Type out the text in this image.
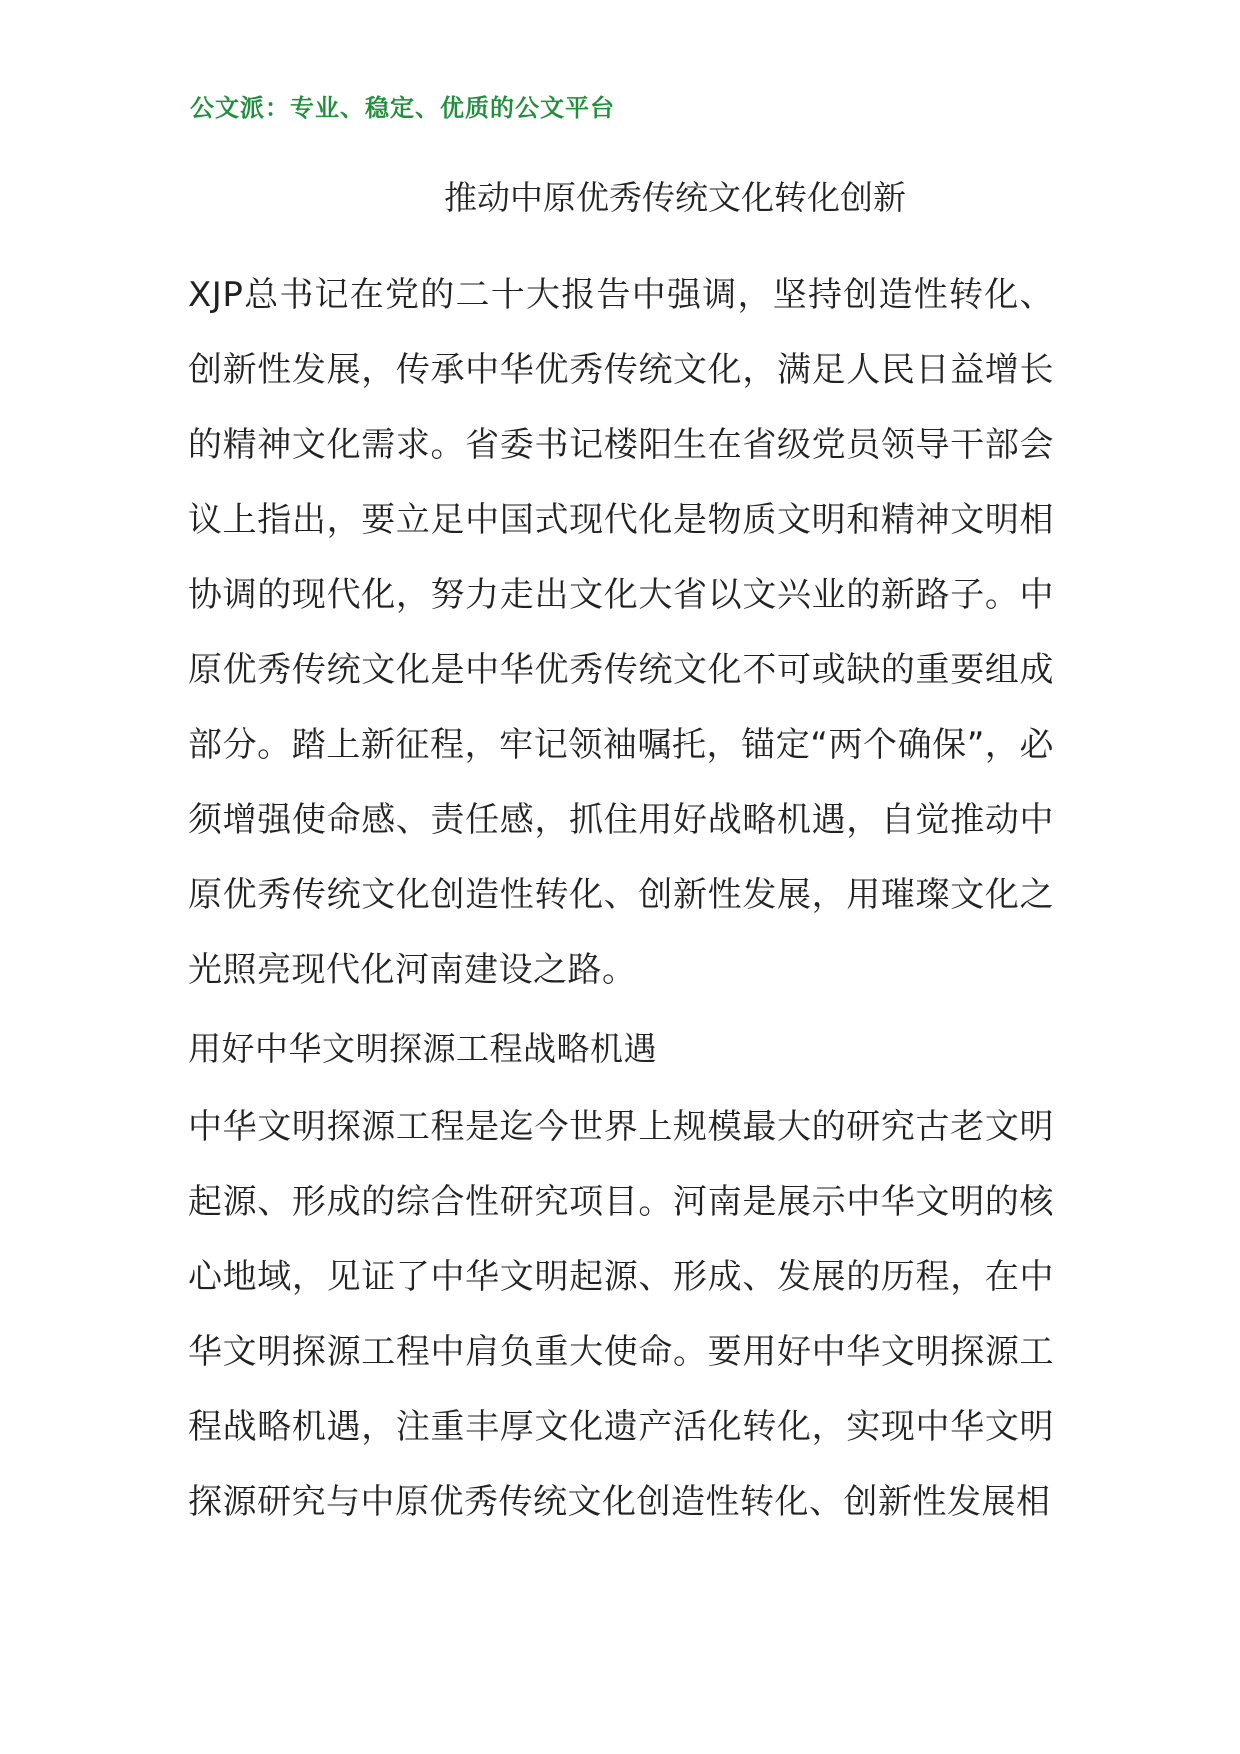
公文派：专业、稳定、优质的公文平台
推动中原优秀传统文化转化创新

XJP总书记在党的二十大报告中强调，坚持创造性转化、创新性发展，传承中华优秀传统文化，满足人民日益增长的精神文化需求。省委书记楼阳生在省级党员领导干部会议上指出，要立足中国式现代化是物质文明和精神文明相协调的现代化，努力走出文化大省以文兴业的新路子。中原优秀传统文化是中华优秀传统文化不可或缺的重要组成部分。踏上新征程，牢记领袖嘱托，锚定“两个确保”，必须增强使命感、责任感，抓住用好战略机遇，自觉推动中原优秀传统文化创造性转化、创新性发展，用璀璨文化之光照亮现代化河南建设之路。

用好中华文明探源工程战略机遇

中华文明探源工程是迄今世界上规模最大的研究古老文明起源、形成的综合性研究项目。河南是展示中华文明的核心地域，见证了中华文明起源、形成、发展的历程，在中华文明探源工程中肩负重大使命。要用好中华文明探源工程战略机遇，注重丰厚文化遗产活化转化，实现中华文明探源研究与中原优秀传统文化创造性转化、创新性发展相
